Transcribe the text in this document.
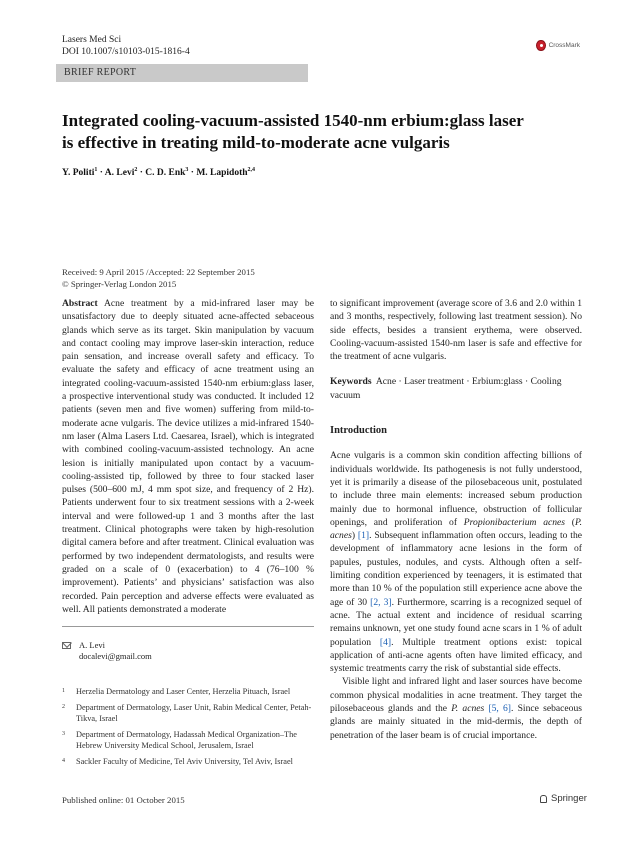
Lasers Med Sci
DOI 10.1007/s10103-015-1816-4
CrossMark
BRIEF REPORT
Integrated cooling-vacuum-assisted 1540-nm erbium:glass laser
is effective in treating mild-to-moderate acne vulgaris
Y. Politi$^1$ · A. Levi$^2$ · C. D. Enk$^3$ · M. Lapidoth$^{2,4}$
Received: 9 April 2015 /Accepted: 22 September 2015
© Springer-Verlag London 2015

Abstract Acne treatment by a mid-infrared laser may be unsatisfactory due to deeply situated acne-affected sebaceous glands which serve as its target. Skin manipulation by vacuum and contact cooling may improve laser-skin interaction, reduce pain sensation, and increase overall safety and efficacy. To evaluate the safety and efficacy of acne treatment using an integrated cooling-vacuum-assisted 1540-nm erbium:glass laser, a prospective interventional study was conducted. It included 12 patients (seven men and five women) suffering from mild-to-moderate acne vulgaris. The device utilizes a mid-infrared 1540-nm laser (Alma Lasers Ltd. Caesarea, Israel), which is integrated with combined cooling-vacuum-assisted technology. An acne lesion is initially manipulated upon contact by a vacuum-cooling-assisted tip, followed by three to four stacked laser pulses (500–600 mJ, 4 mm spot size, and frequency of 2 Hz). Patients underwent four to six treatment sessions with a 2-week interval and were followed-up 1 and 3 months after the last treatment. Clinical photographs were taken by high-resolution digital camera before and after treatment. Clinical evaluation was performed by two independent dermatologists, and results were graded on a scale of 0 (exacerbation) to 4 (76–100 % improvement). Patients’ and physicians’ satisfaction was also recorded. Pain perception and adverse effects were evaluated as well. All patients demonstrated a moderate

A. Levi
docalevi@gmail.com
1	Herzelia Dermatology and Laser Center, Herzelia Pituach, Israel
2	Department of Dermatology, Laser Unit, Rabin Medical Center, Petah-Tikva, Israel
3	Department of Dermatology, Hadassah Medical Organization–The Hebrew University Medical School, Jerusalem, Israel
4	Sackler Faculty of Medicine, Tel Aviv University, Tel Aviv, Israel

to significant improvement (average score of 3.6 and 2.0 within 1 and 3 months, respectively, following last treatment session). No side effects, besides a transient erythema, were observed. Cooling-vacuum-assisted 1540-nm laser is safe and effective for the treatment of acne vulgaris.

Keywords Acne · Laser treatment · Erbium:glass · Cooling vacuum

Introduction

Acne vulgaris is a common skin condition affecting billions of individuals worldwide. Its pathogenesis is not fully understood, yet it is primarily a disease of the pilosebaceous unit, postulated to include three main elements: increased sebum production mainly due to hormonal influence, obstruction of follicular openings, and proliferation of Propionibacterium acnes (P. acnes) [1]. Subsequent inflammation often occurs, leading to the development of inflammatory acne lesions in the form of papules, pustules, nodules, and cysts. Although often a self-limiting condition experienced by teenagers, it is estimated that more than 10 % of the population still experience acne above the age of 30 [2, 3]. Furthermore, scarring is a recognized sequel of acne. The actual extent and incidence of residual scarring remains unknown, yet one study found acne scars in 1 % of adult population [4]. Multiple treatment options exist: topical application of anti-acne agents often have limited efficacy, and systemic treatments carry the risk of substantial side effects.

Visible light and infrared light and laser sources have become common physical modalities in acne treatment. They target the pilosebaceous glands and the P. acnes [5, 6]. Since sebaceous glands are mainly situated in the mid-dermis, the depth of penetration of the laser beam is of crucial importance.

Published online: 01 October 2015	Springer
